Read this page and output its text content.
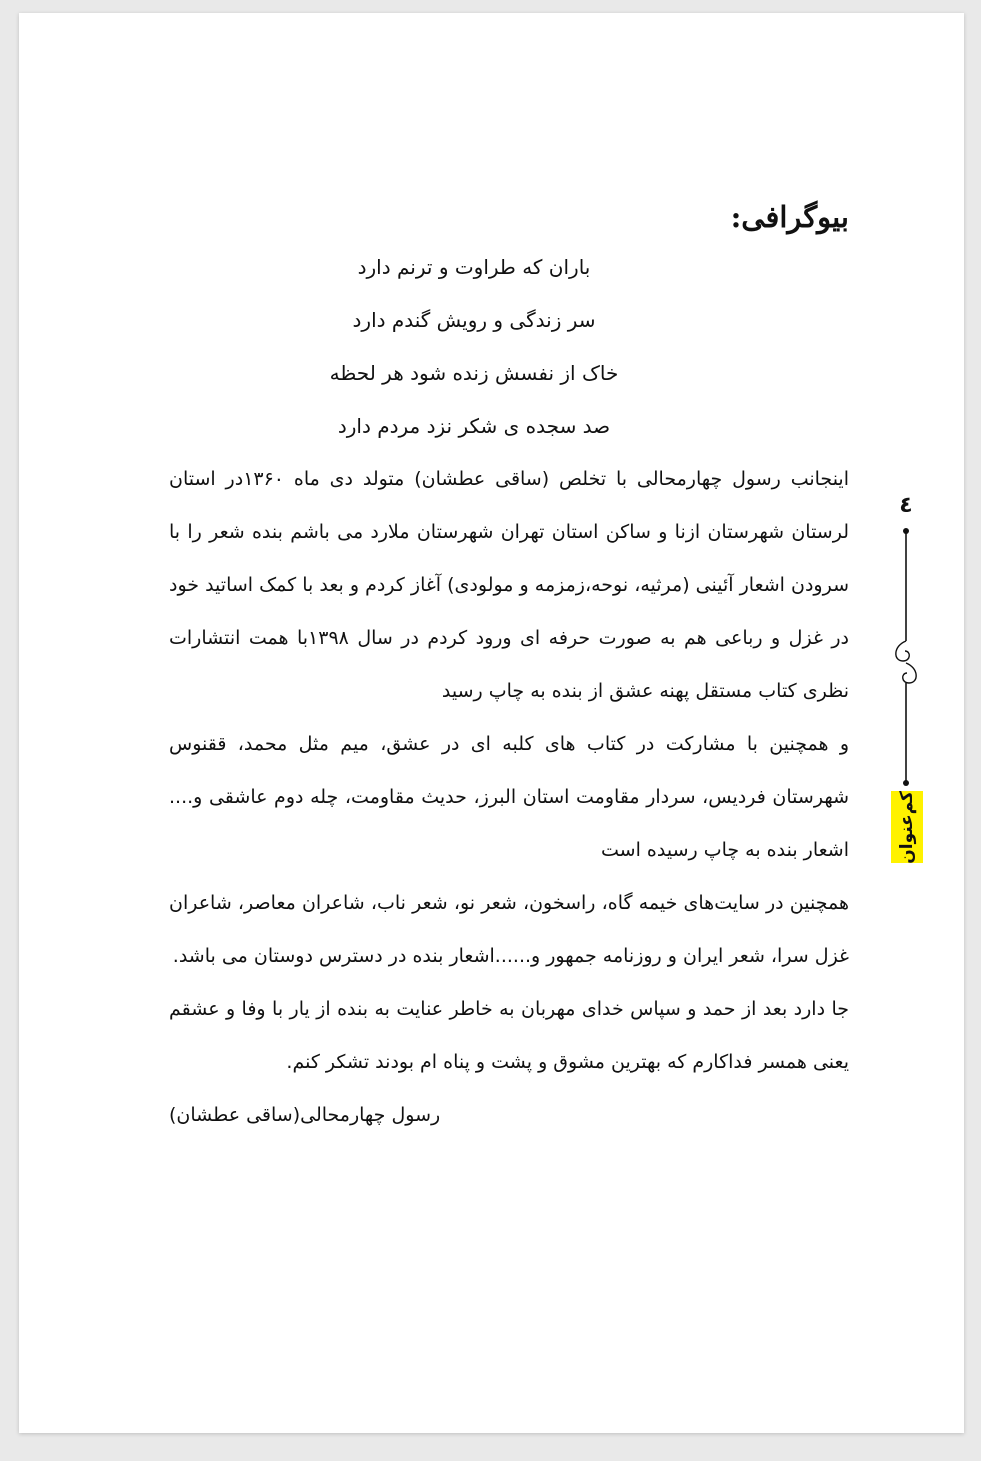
بیوگرافی:
باران که طراوت و ترنم دارد
سر زندگی و رویش گندم دارد
خاک از نفسش زنده شود هر لحظه
صد سجده ی شکر نزد مردم دارد

اینجانب رسول چهارمحالی با تخلص (ساقی عطشان) متولد دی ماه ۱۳۶۰در استان لرستان شهرستان ازنا و ساکن استان تهران شهرستان ملارد می باشم بنده شعر را با سرودن اشعار آئینی (مرثیه، نوحه،زمزمه و مولودی) آغاز کردم و بعد با کمک اساتید خود در غزل و رباعی هم به صورت حرفه ای ورود کردم در سال ۱۳۹۸با همت انتشارات نظری کتاب مستقل پهنه عشق از بنده به چاپ رسید

و همچنین با مشارکت در کتاب های کلبه ای در عشق، میم مثل محمد، ققنوس شهرستان فردیس، سردار مقاومت استان البرز، حدیث مقاومت، چله دوم عاشقی و.... اشعار بنده به چاپ رسیده است

همچنین در سایت‌های خیمه گاه، راسخون، شعر نو، شعر ناب، شاعران معاصر، شاعران غزل سرا، شعر ایران و روزنامه جمهور و......اشعار بنده در دسترس دوستان می باشد.

جا دارد بعد از حمد و سپاس خدای مهربان به خاطر عنایت به بنده از یار با وفا و عشقم یعنی همسر فداکارم که بهترین مشوق و پشت و پناه ام بودند تشکر کنم.

رسول چهارمحالی(ساقی عطشان)

٤
کم‌عنوان
